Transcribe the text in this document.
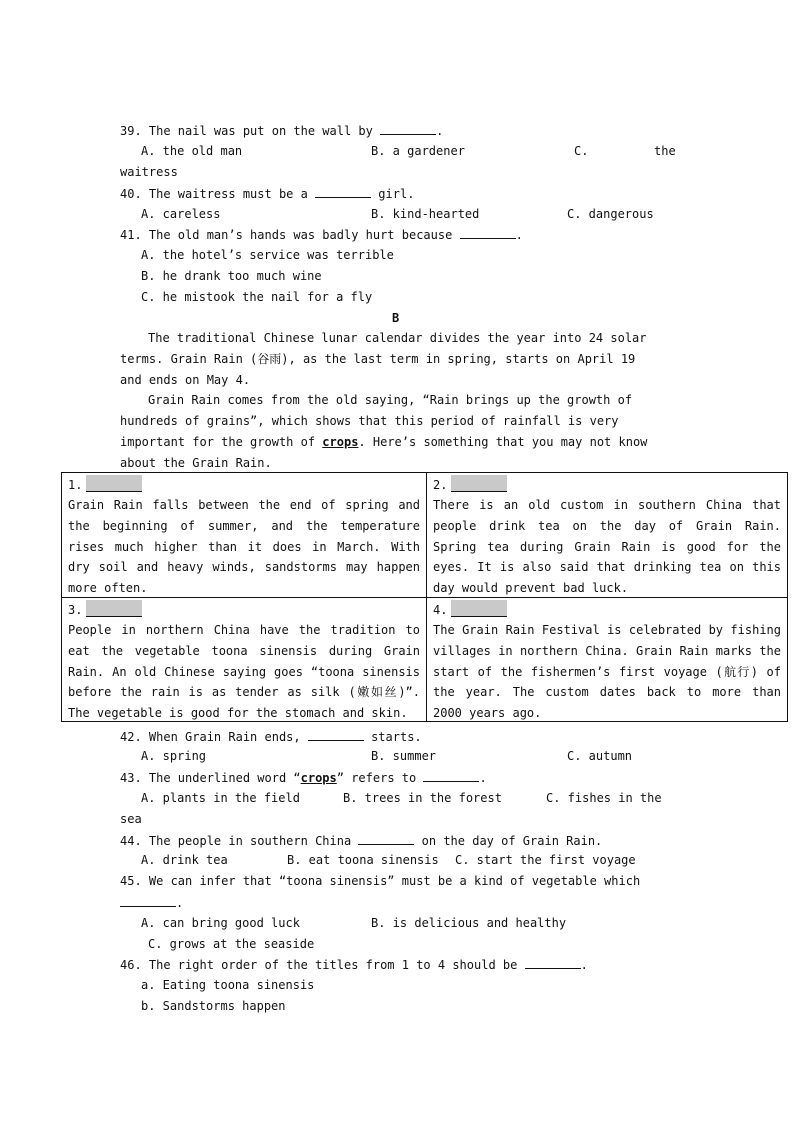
39. The nail was put on the wall by	.
A. the old man	B. a gardener	C.	the
waitress
40. The waitress must be a	girl.
A. careless	B. kind-hearted	C. dangerous
41. The old man’s hands was badly hurt because	.
A. the hotel’s service was terrible
B. he drank too much wine
C. he mistook the nail for a fly
B

The traditional Chinese lunar calendar divides the year into 24 solar terms. Grain Rain (谷雨), as the last term in spring, starts on April 19 and ends on May 4.

Grain Rain comes from the old saying, “Rain brings up the growth of hundreds of grains”, which shows that this period of rainfall is very important for the growth of crops. Here’s something that you may not know about the Grain Rain.

1.
Grain Rain falls between the end of spring and the beginning of summer, and the temperature rises much higher than it does in March. With dry soil and heavy winds, sandstorms may happen more often.
2.
There is an old custom in southern China that people drink tea on the day of Grain Rain. Spring tea during Grain Rain is good for the eyes. It is also said that drinking tea on this day would prevent bad luck.
3.
People in northern China have the tradition to eat the vegetable toona sinensis during Grain Rain. An old Chinese saying goes “toona sinensis before the rain is as tender as silk (嫩如丝)”. The vegetable is good for the stomach and skin.
4.
The Grain Rain Festival is celebrated by fishing villages in northern China. Grain Rain marks the start of the fishermen’s first voyage (航行) of the year. The custom dates back to more than 2000 years ago.
42. When Grain Rain ends,	starts.
A. spring	B. summer	C. autumn
43. The underlined word “crops” refers to	.
A. plants in the field	B. trees in the forest	C. fishes in the
sea
44. The people in southern China	on the day of Grain Rain.
A. drink tea	B. eat toona sinensis C. start the first voyage
45. We can infer that “toona sinensis” must be a kind of vegetable which
.
A. can bring good luck	B. is delicious and healthy
C. grows at the seaside
46. The right order of the titles from 1 to 4 should be	.
a. Eating toona sinensis
b. Sandstorms happen
